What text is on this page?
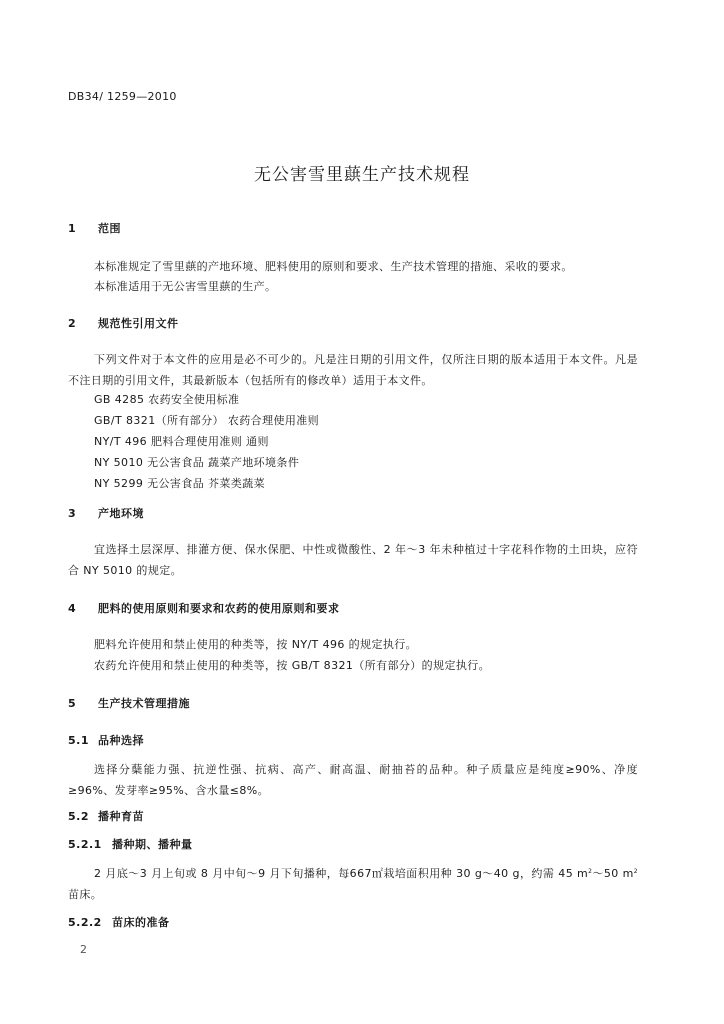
DB34/ 1259—2010
无公害雪里蕻生产技术规程
1 范围
本标准规定了雪里蕻的产地环境、肥料使用的原则和要求、生产技术管理的措施、采收的要求。
本标准适用于无公害雪里蕻的生产。
2 规范性引用文件
下列文件对于本文件的应用是必不可少的。凡是注日期的引用文件，仅所注日期的版本适用于本文件。凡是不注日期的引用文件，其最新版本（包括所有的修改单）适用于本文件。
GB 4285 农药安全使用标准
GB/T 8321（所有部分） 农药合理使用准则
NY/T 496 肥料合理使用准则 通则
NY 5010 无公害食品 蔬菜产地环境条件
NY 5299 无公害食品 芥菜类蔬菜
3 产地环境
宜选择土层深厚、排灌方便、保水保肥、中性或微酸性、2 年～3 年未种植过十字花科作物的土田块，应符合 NY 5010 的规定。
4 肥料的使用原则和要求和农药的使用原则和要求
肥料允许使用和禁止使用的种类等，按 NY/T 496 的规定执行。
农药允许使用和禁止使用的种类等，按 GB/T 8321（所有部分）的规定执行。
5 生产技术管理措施
5.1 品种选择
选择分蘖能力强、抗逆性强、抗病、高产、耐高温、耐抽苔的品种。种子质量应是纯度≥90%、净度≥96%、发芽率≥95%、含水量≤8%。
5.2 播种育苗
5.2.1 播种期、播种量
2 月底～3 月上旬或 8 月中旬～9 月下旬播种，每667㎡栽培面积用种 30 g～40 g，约需 45 $m^2\sim 50$ $m^2$ 苗床。
5.2.2 苗床的准备
2
